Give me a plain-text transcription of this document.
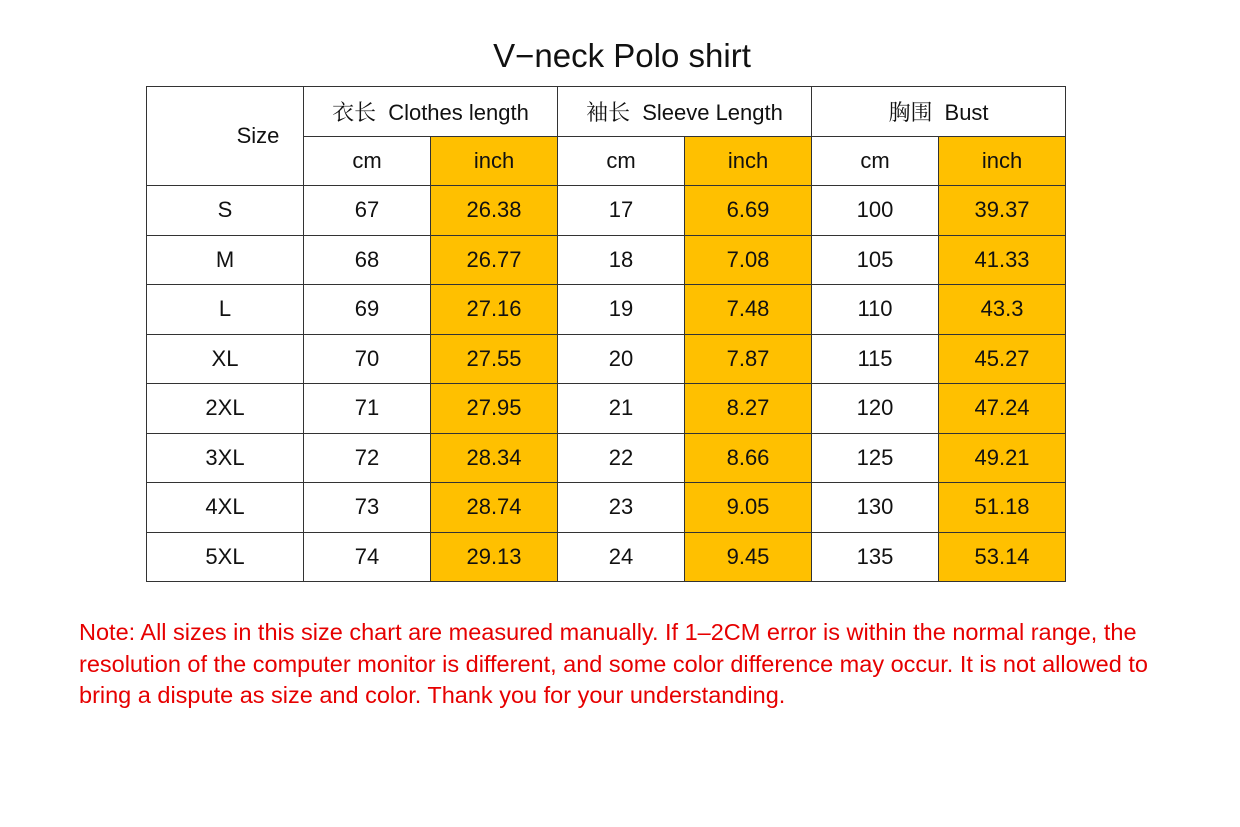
V−neck Polo shirt
Size	衣长 Clothes length		袖长 Sleeve Length		胸围 Bust	
	cm	inch	cm	inch	cm	inch
S	67	26.38	17	6.69	100	39.37
M	68	26.77	18	7.08	105	41.33
L	69	27.16	19	7.48	110	43.3
XL	70	27.55	20	7.87	115	45.27
2XL	71	27.95	21	8.27	120	47.24
3XL	72	28.34	22	8.66	125	49.21
4XL	73	28.74	23	9.05	130	51.18
5XL	74	29.13	24	9.45	135	53.14
Note: All sizes in this size chart are measured manually. If 1–2CM error is within the normal range, the resolution of the computer monitor is different, and some color difference may occur. It is not allowed to bring a dispute as size and color. Thank you for your understanding.
